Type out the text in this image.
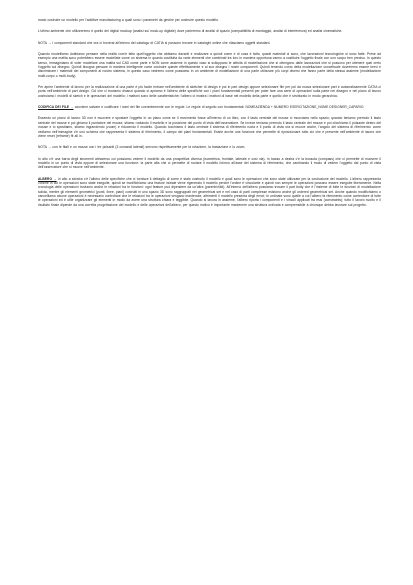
modo costruire un modello per l'additive manufacturing a quali sono i parametri da gestire per costruire questo modello.

L'ultimo ambiente che utilizzeremo è quello del digital mockup (analisi sul mock-up digitale) dove parleremo di analisi di spazio (compatibilità di montaggio, analisi di interferenza) ed analisi cinematiche.

NOTA → i componenti standard che ora ci troverai all'interno del catalogo di CATIA si possono trovare in cataloghi online che rilasciamo oggetti standard.

Quando modelliamo dobbiamo pensare nella realtà com'è fatto quell'oggetto che abbiamo davanti e realizzare a quindi come e di cosa è fatto, quanti materiali ci sono, che lavorazioni tecnologiche si sono fatte. Prese ad esempio una matita sono potrebbero essere modellate come un sistema in quanto costituita da varie elementi che combinati tra loro in maniera opportuna vanno a costituire l'oggetto finale con uno scopo ben preciso. In questo senso, immaginiamo di voler modellare una matita sul CAD come parte e NON come assieme in questo caso si sviluppano le attività di modellazione che si ottengono dalle lavorazioni che si possono per ottenere quel certo l'oggetto sul disegno. Quindi bisogna pensare in maniera intelligente come costruire queste effettivamente e al suo disegno i nostri componenti. Quindi tenendo conto della modellazione concettuale dovremmo essere brevi e discriminare i materiali dei componenti al nostro sistema, in questo caso vedremo come possiamo in un ambiente di modellazione di una parte utilizzare più corpi diversi che fanno parte della stessa assieme (modellazione multi-corpo o multi-body).

Per aprire l'ambiente di lavoro per la realizzazione di una parte è più facile entrare nell'ambiente di sketcher di design e poi in part design oppure selezionare file per poi da nuova selezionare part e automaticamente CATIA ci porta nell'ambiente di part design. Ciò che ci troviamo dinanzi quando ci apriamo è l'albero delle specifiche con i piani fondamentali presenti per poter fare una serie di operazioni sulla parte nel disegno e nel piano di lavoro costruiamo i modelli di sketch e le operazioni del modello; i mattoni sono delle caratteristiche; l'albero ci mostra i mattoni di base nel modello della parte e quello che è strutturato in modo gerarchico.

CODIFICA DEI FILE → conviene salvare e codificare i nomi dei file coerentemente con le regole. Le regole di seguito con fondamentali: NOMEAZIENDA + NUMERO ESERCITAZIONE_NOME DESIGNER_CAPARIO.

Essendo un piano di lavoro 3D non è muovere e spostare l'oggetto in un piano come se il movimento fosse all'interno di un libro, con il tasto centrale del mouse ci muoviamo nello spazio; quando teniamo premuto il tasto centrale del mouse e poi giriamo il puntatore del mouse, stiamo ruotando il modello e la posizione del punto di vista dell'osservatore. Se invece teniamo premuto il tasto centrale del mouse e poi clicchiamo il pulsante destro del mouse e lo spostiamo, stiamo ingrandendo (zoom) e riducendo il modello. Quando tocchiamo il tasto centrale il sistema di riferimento ruota e il punto di vista ora si muove anche, l'angolo del sistema di riferimento: come vediamo nell'immagine c'è uno schema che rappresenta il sistema di riferimento, il campo dei piani fondamentali. Esiste anche una funzione che permette di riposizionare tutto ciò che è presente nell'ambiente di lavoro che viene reset (reframe) fit all in.

NOTA → con le fitall e un mouse con i tre pulsanti (3 comandi laterali) servono rispettivamente per la rotazione, la traslazione e lo zoom.

In alto c'è una barra degli strumenti attraverso cui possiamo vedere il modello da una prospettiva diversa (isometrica, frontale, laterale e così via). In basso a destra c'è la bussola (compass) che ci permette di muovere il modello in un punto di vista oppure di selezionare una funzione: la parte alta che ci permette di ruotare il modello intorno all'asse del sistema di riferimento, che cambiando il modo di vedere l'oggetto dal punto di vista dell'osservatore che si muove nell'ambiente.

ALBERO → in alto a sinistra c'è l'albero delle specifiche che ci fornisce il dettaglio di come è stato costruito il modello e quali sono le operazioni che sono state utilizzate per la costruzione del modello. L'albero rappresenta l'ordine in cui le operazioni sono state eseguite, quindi se modifichiamo una feature iniziale viene rigenerato il modello perché l'ordine è vincolante e quindi non sempre le operazioni possono essere eseguite liberamente. Nella cronologia delle operazioni troviamo anche le relazioni tra le funzioni: ogni feature può dipendere da un'altra (parent/child). All'interno dell'albero possiamo trovare il part body che è l'insieme di tutte le funzioni di modellazione solida, mentre gli elementi geometrici (punti, linee, piani) costruiti in uno spazio 3D sono raggruppati nei geometrical set e nel caso di parti complesse esistono anche gli ordered geometrical set. Anche quando modifichiamo o cancelliamo alcune operazioni è necessario controllare che le relazioni tra le operazioni vengano mantenute, altrimenti il modello presenta degli errori; le ordinate sono quelle a cui l'albero fa riferimento come contenitore di tutte le operazioni ed è utile organizzare gli elementi in modo da avere una struttura chiara e leggibile. Quando si lavora in assieme, l'albero riporta i componenti e i vincoli applicati tra essi (constraints); tutto il lavoro svolto e il risultato finale dipende da una corretta progettazione del modello e delle operazioni dell'albero, per questo motivo è importante mantenere una struttura ordinata e comprensibile a chiunque debba lavorare sul progetto.
